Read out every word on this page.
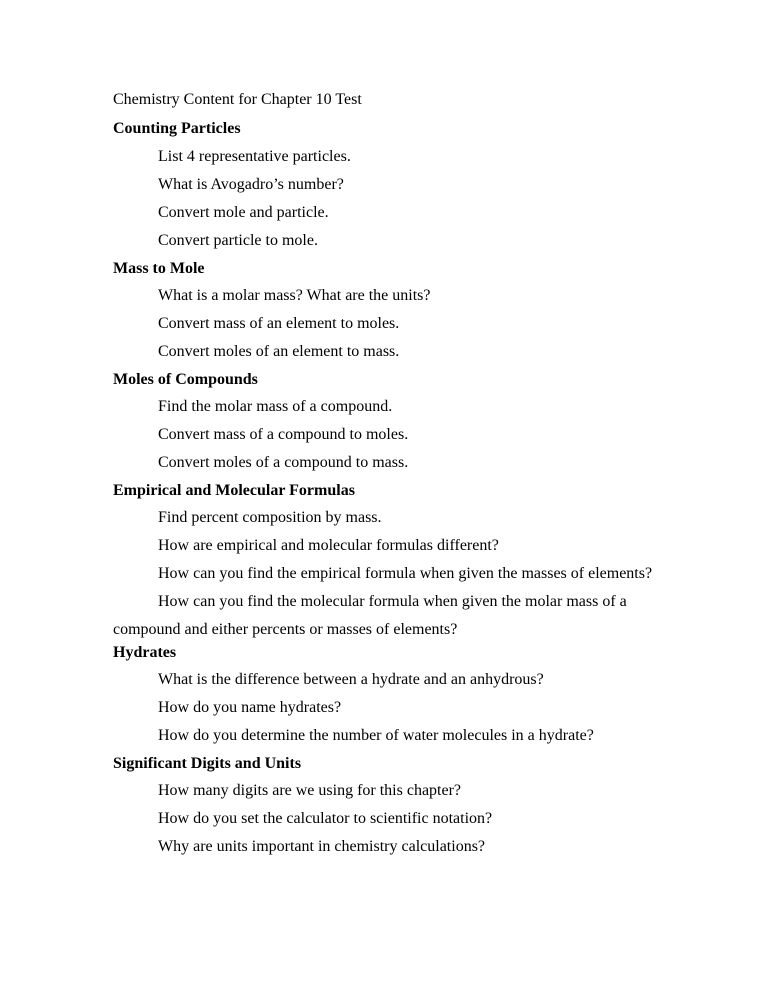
Chemistry Content for Chapter 10 Test
Counting Particles
List 4 representative particles.
What is Avogadro’s number?
Convert mole and particle.
Convert particle to mole.
Mass to Mole
What is a molar mass? What are the units?
Convert mass of an element to moles.
Convert moles of an element to mass.
Moles of Compounds
Find the molar mass of a compound.
Convert mass of a compound to moles.
Convert moles of a compound to mass.
Empirical and Molecular Formulas
Find percent composition by mass.
How are empirical and molecular formulas different?
How can you find the empirical formula when given the masses of elements?
How can you find the molecular formula when given the molar mass of a compound and either percents or masses of elements?
Hydrates
What is the difference between a hydrate and an anhydrous?
How do you name hydrates?
How do you determine the number of water molecules in a hydrate?
Significant Digits and Units
How many digits are we using for this chapter?
How do you set the calculator to scientific notation?
Why are units important in chemistry calculations?
